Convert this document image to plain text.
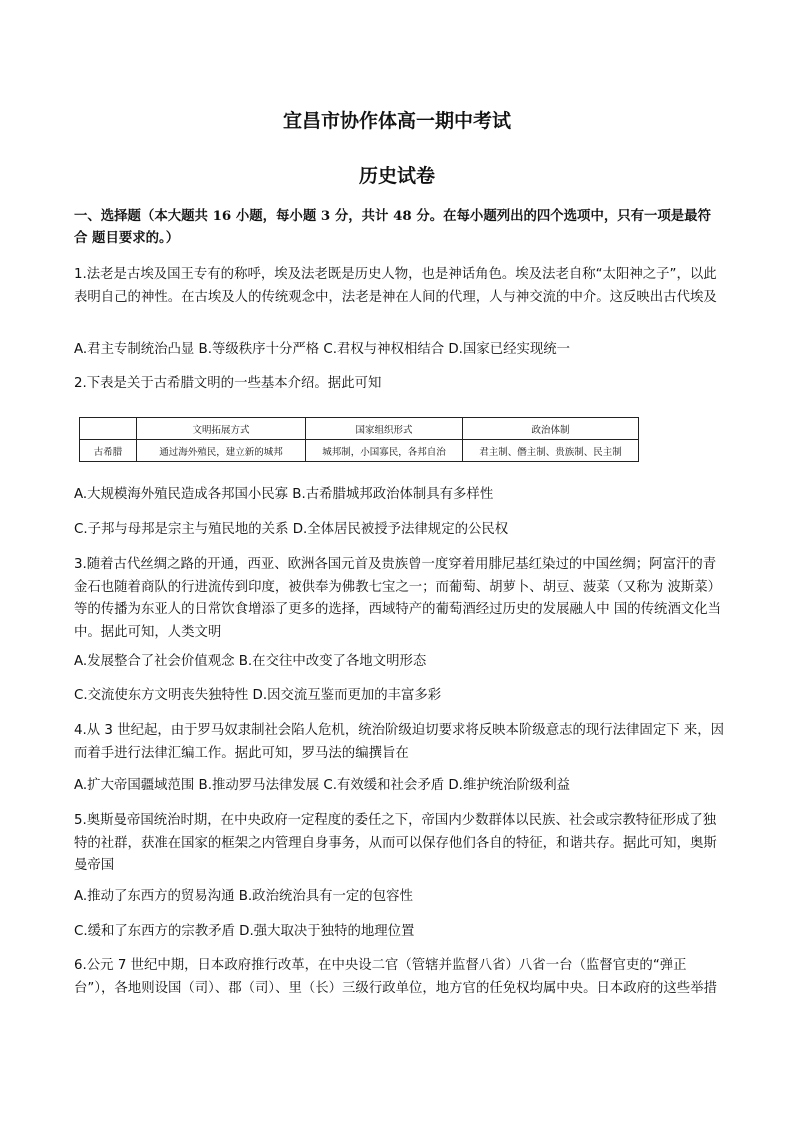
宜昌市协作体高一期中考试
历史试卷

一、选择题（本大题共 16 小题，每小题 3 分，共计 48 分。在每小题列出的四个选项中，只有一项是最符合 题目要求的。）

1.法老是古埃及国王专有的称呼，埃及法老既是历史人物，也是神话角色。埃及法老自称“太阳神之子”，以此表明自己的神性。在古埃及人的传统观念中，法老是神在人间的代理，人与神交流的中介。这反映出古代埃及

A.君主专制统治凸显 B.等级秩序十分严格 C.君权与神权相结合 D.国家已经实现统一

2.下表是关于古希腊文明的一些基本介绍。据此可知

	文明拓展方式	国家组织形式	政治体制
古希腊	通过海外殖民，建立新的城邦	城邦制，小国寡民，各邦自治	君主制、僭主制、贵族制、民主制

A.大规模海外殖民造成各邦国小民寡 B.古希腊城邦政治体制具有多样性

C.子邦与母邦是宗主与殖民地的关系 D.全体居民被授予法律规定的公民权

3.随着古代丝绸之路的开通，西亚、欧洲各国元首及贵族曾一度穿着用腓尼基红染过的中国丝绸；阿富汗的青金石也随着商队的行进流传到印度，被供奉为佛教七宝之一；而葡萄、胡萝卜、胡豆、菠菜（又称为 波斯菜）等的传播为东亚人的日常饮食增添了更多的选择，西域特产的葡萄酒经过历史的发展融人中 国的传统酒文化当中。据此可知，人类文明

A.发展整合了社会价值观念 B.在交往中改变了各地文明形态

C.交流使东方文明丧失独特性 D.因交流互鉴而更加的丰富多彩

4.从 3 世纪起，由于罗马奴隶制社会陷人危机，统治阶级迫切要求将反映本阶级意志的现行法律固定下 来，因而着手进行法律汇编工作。据此可知，罗马法的编撰旨在

A.扩大帝国疆域范围 B.推动罗马法律发展 C.有效缓和社会矛盾 D.维护统治阶级利益

5.奥斯曼帝国统治时期，在中央政府一定程度的委任之下，帝国内少数群体以民族、社会或宗教特征形成了独特的社群，获准在国家的框架之内管理自身事务，从而可以保存他们各自的特征，和谐共存。据此可知，奥斯曼帝国

A.推动了东西方的贸易沟通 B.政治统治具有一定的包容性

C.缓和了东西方的宗教矛盾 D.强大取决于独特的地理位置

6.公元 7 世纪中期，日本政府推行改革，在中央设二官（管辖并监督八省）八省一台（监督官吏的“弹正台”），各地则设国（司）、郡（司）、里（长）三级行政单位，地方官的任免权均属中央。日本政府的这些举措
